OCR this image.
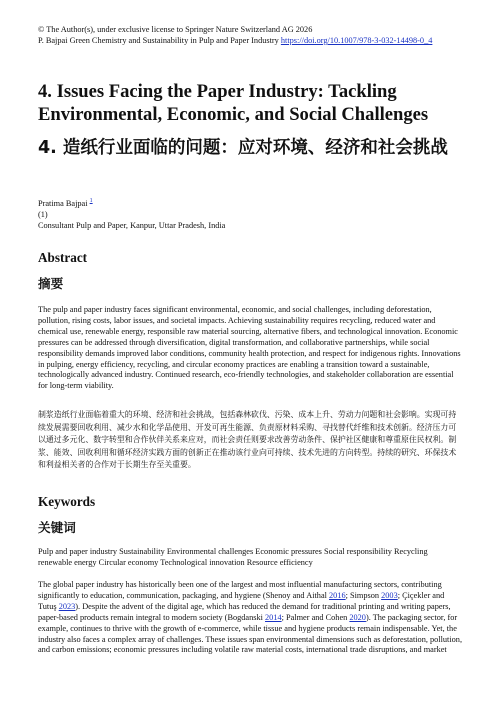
© The Author(s), under exclusive license to Springer Nature Switzerland AG 2026
P. Bajpai Green Chemistry and Sustainability in Pulp and Paper Industry https://doi.org/10.1007/978-3-032-14498-0_4
4. Issues Facing the Paper Industry: Tackling Environmental, Economic, and Social Challenges
4. 造纸行业面临的问题：应对环境、经济和社会挑战
Pratima Bajpai $^1$
(1)
Consultant Pulp and Paper, Kanpur, Uttar Pradesh, India
Abstract
摘要

The pulp and paper industry faces significant environmental, economic, and social challenges, including deforestation, pollution, rising costs, labor issues, and societal impacts. Achieving sustainability requires recycling, reduced water and chemical use, renewable energy, responsible raw material sourcing, alternative fibers, and technological innovation. Economic pressures can be addressed through diversification, digital transformation, and collaborative partnerships, while social responsibility demands improved labor conditions, community health protection, and respect for indigenous rights. Innovations in pulping, energy efficiency, recycling, and circular economy practices are enabling a transition toward a sustainable, technologically advanced industry. Continued research, eco-friendly technologies, and stakeholder collaboration are essential for long-term viability.

制浆造纸行业面临着重大的环境、经济和社会挑战，包括森林砍伐、污染、成本上升、劳动力问题和社会影响。实现可持续发展需要回收利用、减少水和化学品使用、开发可再生能源、负责原材料采购、寻找替代纤维和技术创新。经济压力可以通过多元化、数字转型和合作伙伴关系来应对，而社会责任则要求改善劳动条件、保护社区健康和尊重原住民权利。制浆、能效、回收利用和循环经济实践方面的创新正在推动该行业向可持续、技术先进的方向转型。持续的研究、环保技术和利益相关者的合作对于长期生存至关重要。

Keywords
关键词

Pulp and paper industry Sustainability Environmental challenges Economic pressures Social responsibility Recycling renewable energy Circular economy Technological innovation Resource efficiency

The global paper industry has historically been one of the largest and most influential manufacturing sectors, contributing significantly to education, communication, packaging, and hygiene (Shenoy and Aithal 2016; Simpson 2003; Çiçekler and Tutuş 2023). Despite the advent of the digital age, which has reduced the demand for traditional printing and writing papers, paper-based products remain integral to modern society (Bogdanski 2014; Palmer and Cohen 2020). The packaging sector, for example, continues to thrive with the growth of e-commerce, while tissue and hygiene products remain indispensable. Yet, the industry also faces a complex array of challenges. These issues span environmental dimensions such as deforestation, pollution, and carbon emissions; economic pressures including volatile raw material costs, international trade disruptions, and market
